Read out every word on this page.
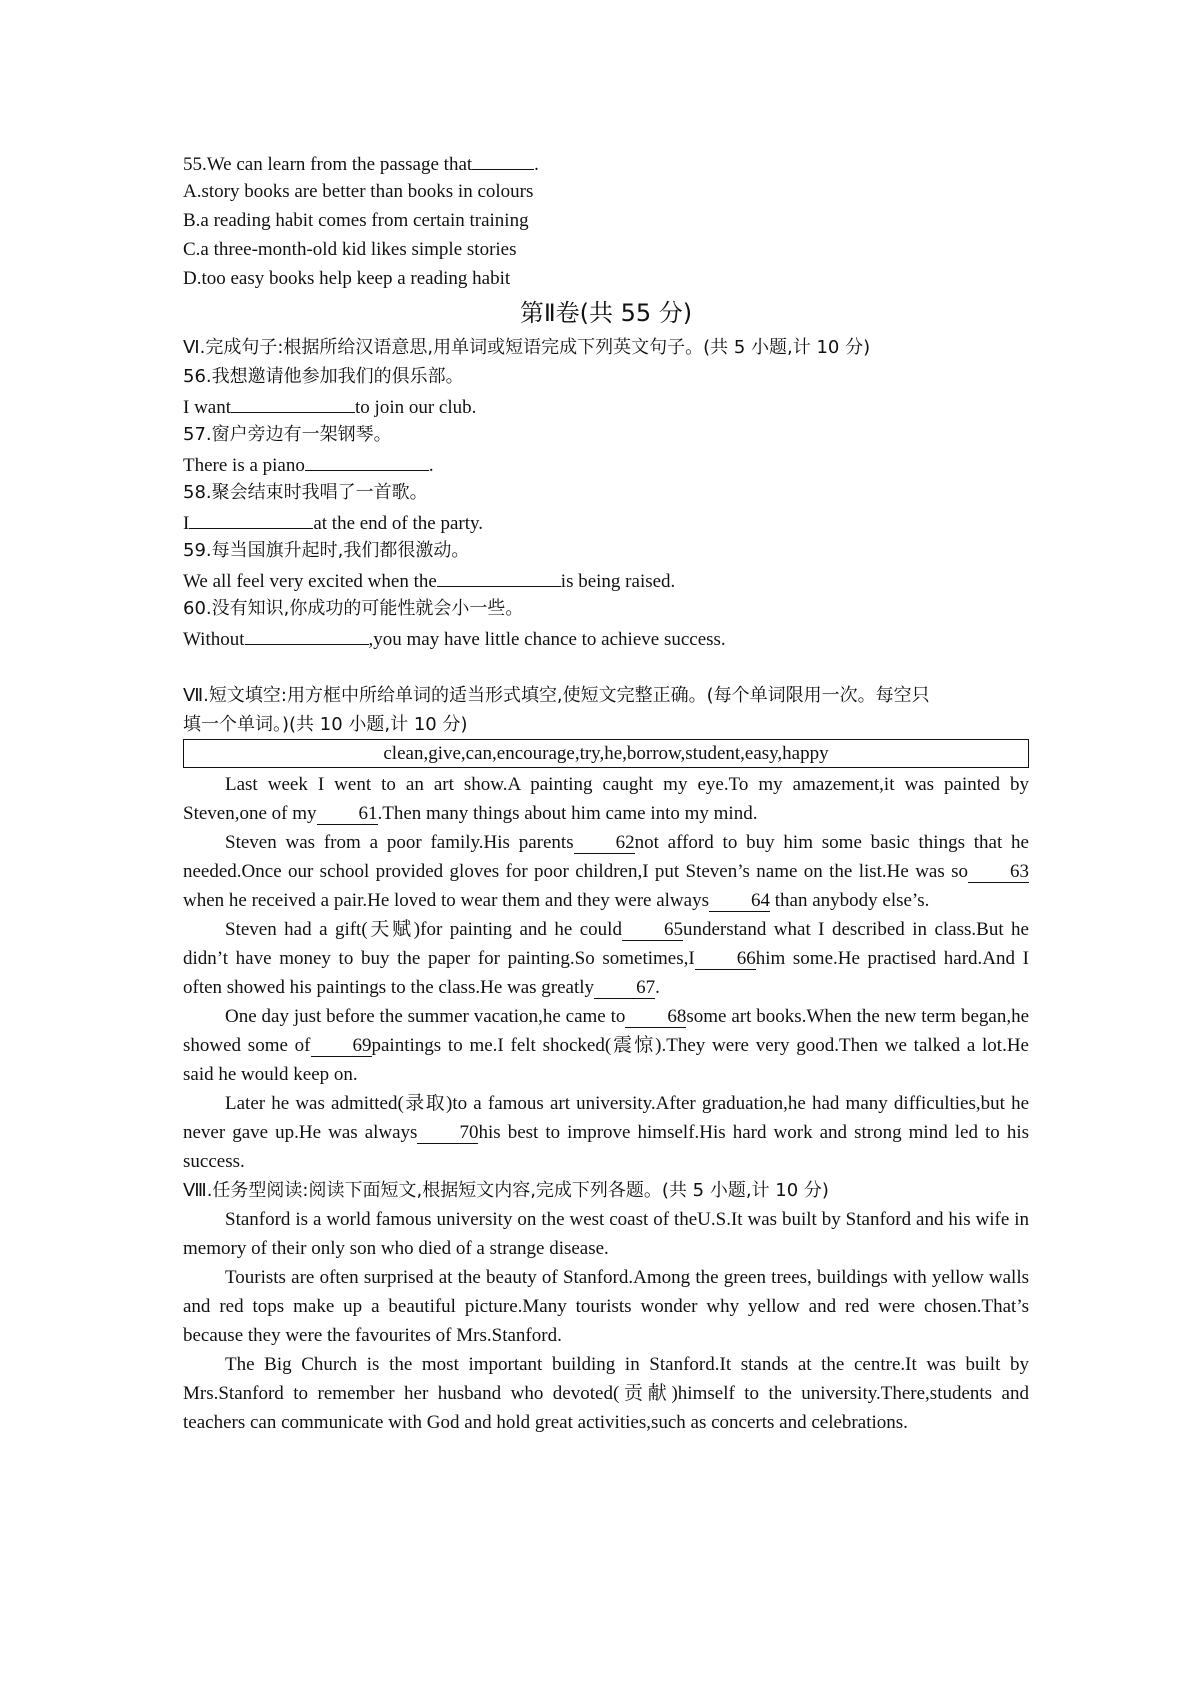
55.We can learn from the passage that	.
A.story books are better than books in colours
B.a reading habit comes from certain training
C.a three-month-old kid likes simple stories
D.too easy books help keep a reading habit
第Ⅱ卷(共 55 分)
Ⅵ.完成句子:根据所给汉语意思,用单词或短语完成下列英文句子。(共 5 小题,计 10 分)
56.我想邀请他参加我们的俱乐部。
I want	to join our club.
57.窗户旁边有一架钢琴。
There is a piano	.
58.聚会结束时我唱了一首歌。
I	at the end of the party.
59.每当国旗升起时,我们都很激动。
We all feel very excited when the	is being raised.
60.没有知识,你成功的可能性就会小一些。
Without	,you may have little chance to achieve success.
Ⅶ.短文填空:用方框中所给单词的适当形式填空,使短文完整正确。(每个单词限用一次。每空只
填一个单词。)(共 10 小题,计 10 分)
clean,give,can,encourage,try,he,borrow,student,easy,happy

Last week I went to an art show.A painting caught my eye.To my amazement,it was painted by Steven,one of my 61.Then many things about him came into my mind.

Steven was from a poor family.His parents 62not afford to buy him some basic things that he needed.Once our school provided gloves for poor children,I put Steven’s name on the list.He was so 63when he received a pair.He loved to wear them and they were always 64 than anybody else’s.

Steven had a gift(天赋)for painting and he could 65understand what I described in class.But he didn’t have money to buy the paper for painting.So sometimes,I 66him some.He practised hard.And I often showed his paintings to the class.He was greatly 67.

One day just before the summer vacation,he came to 68some art books.When the new term began,he showed some of 69paintings to me.I felt shocked(震惊).They were very good.Then we talked a lot.He said he would keep on.

Later he was admitted(录取)to a famous art university.After graduation,he had many difficulties,but he never gave up.He was always 70his best to improve himself.His hard work and strong mind led to his success.

Ⅷ.任务型阅读:阅读下面短文,根据短文内容,完成下列各题。(共 5 小题,计 10 分)
Stanford is a world famous university on the west coast of theU.S.It was built by Stanford and his wife in memory of their only son who died of a strange disease.
Tourists are often surprised at the beauty of Stanford.Among the green trees, buildings with yellow walls and red tops make up a beautiful picture.Many tourists wonder why yellow and red were chosen.That’s because they were the favourites of Mrs.Stanford.
The Big Church is the most important building in Stanford.It stands at the centre.It was built by Mrs.Stanford to remember her husband who devoted(贡献)himself to the university.There,students and teachers can communicate with God and hold great activities,such as concerts and celebrations.
